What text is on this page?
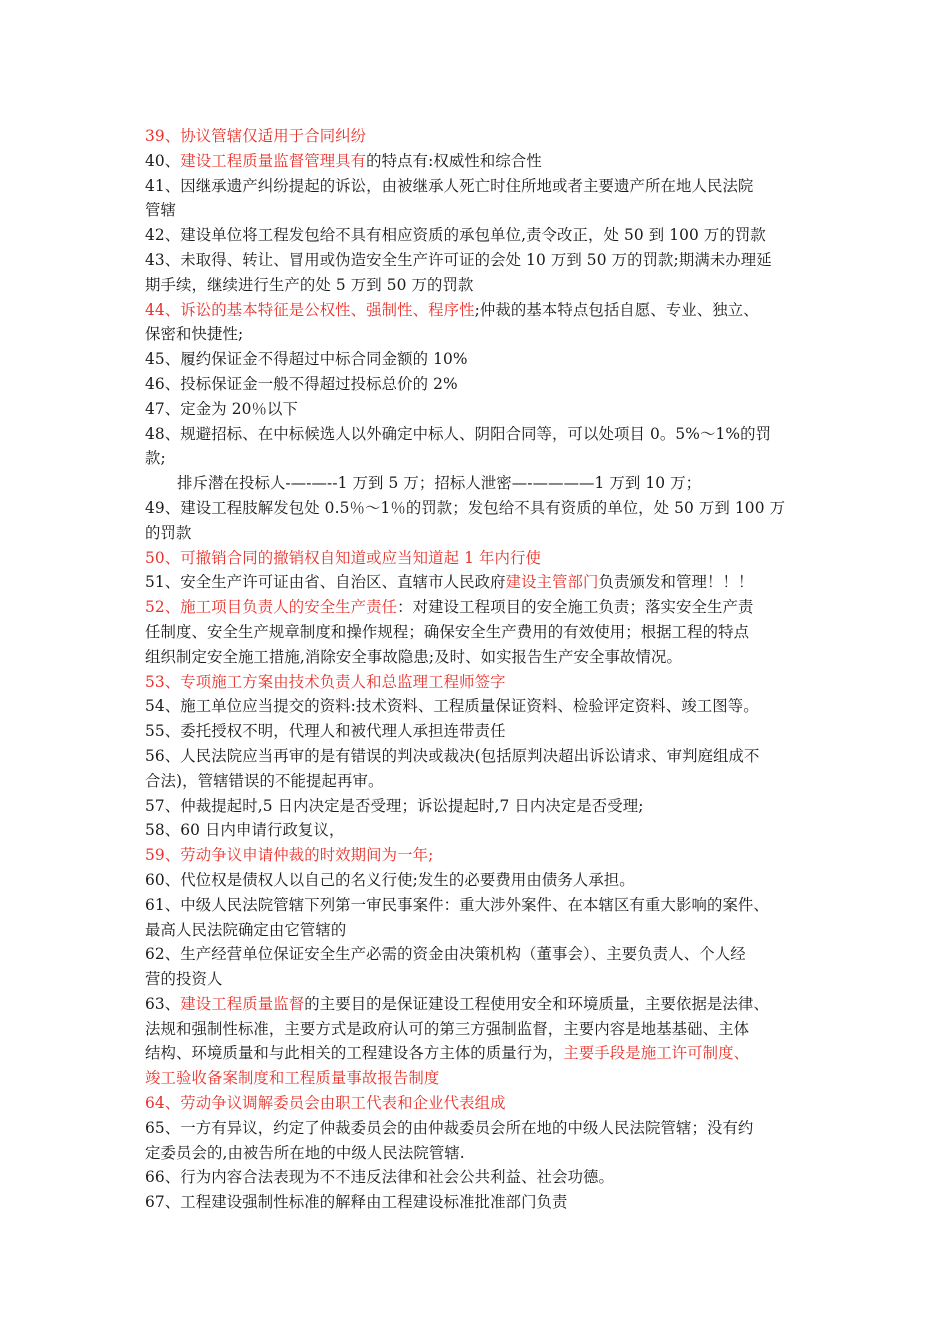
39、协议管辖仅适用于合同纠纷
40、建设工程质量监督管理具有的特点有:权威性和综合性
41、因继承遗产纠纷提起的诉讼，由被继承人死亡时住所地或者主要遗产所在地人民法院
管辖
42、建设单位将工程发包给不具有相应资质的承包单位,责令改正，处 50 到 100 万的罚款
43、未取得、转让、冒用或伪造安全生产许可证的会处 10 万到 50 万的罚款;期满未办理延
期手续，继续进行生产的处 5 万到 50 万的罚款
44、诉讼的基本特征是公权性、强制性、程序性;仲裁的基本特点包括自愿、专业、独立、
保密和快捷性;
45、履约保证金不得超过中标合同金额的 10%
46、投标保证金一般不得超过投标总价的 2%
47、定金为 20％以下
48、规避招标、在中标候选人以外确定中标人、阴阳合同等，可以处项目 0。5%～1%的罚
款;
排斥潜在投标人-—-—--1 万到 5 万；招标人泄密—-————1 万到 10 万；
49、建设工程肢解发包处 0.5％～1％的罚款；发包给不具有资质的单位，处 50 万到 100 万
的罚款
50、可撤销合同的撤销权自知道或应当知道起 1 年内行使
51、安全生产许可证由省、自治区、直辖市人民政府建设主管部门负责颁发和管理！！！
52、施工项目负责人的安全生产责任：对建设工程项目的安全施工负责；落实安全生产责
任制度、安全生产规章制度和操作规程；确保安全生产费用的有效使用；根据工程的特点
组织制定安全施工措施,消除安全事故隐患;及时、如实报告生产安全事故情况。
53、专项施工方案由技术负责人和总监理工程师签字
54、施工单位应当提交的资料:技术资料、工程质量保证资料、检验评定资料、竣工图等。
55、委托授权不明，代理人和被代理人承担连带责任
56、人民法院应当再审的是有错误的判决或裁决(包括原判决超出诉讼请求、审判庭组成不
合法)，管辖错误的不能提起再审。
57、仲裁提起时,5 日内决定是否受理；诉讼提起时,7 日内决定是否受理;
58、60 日内申请行政复议，
59、劳动争议申请仲裁的时效期间为一年;
60、代位权是债权人以自己的名义行使;发生的必要费用由债务人承担。
61、中级人民法院管辖下列第一审民事案件：重大涉外案件、在本辖区有重大影响的案件、
最高人民法院确定由它管辖的
62、生产经营单位保证安全生产必需的资金由决策机构（董事会）、主要负责人、个人经
营的投资人
63、建设工程质量监督的主要目的是保证建设工程使用安全和环境质量，主要依据是法律、
法规和强制性标准，主要方式是政府认可的第三方强制监督，主要内容是地基基础、主体
结构、环境质量和与此相关的工程建设各方主体的质量行为，主要手段是施工许可制度、
竣工验收备案制度和工程质量事故报告制度
64、劳动争议调解委员会由职工代表和企业代表组成
65、一方有异议，约定了仲裁委员会的由仲裁委员会所在地的中级人民法院管辖；没有约
定委员会的,由被告所在地的中级人民法院管辖.
66、行为内容合法表现为不不违反法律和社会公共利益、社会功德。
67、工程建设强制性标准的解释由工程建设标准批准部门负责
